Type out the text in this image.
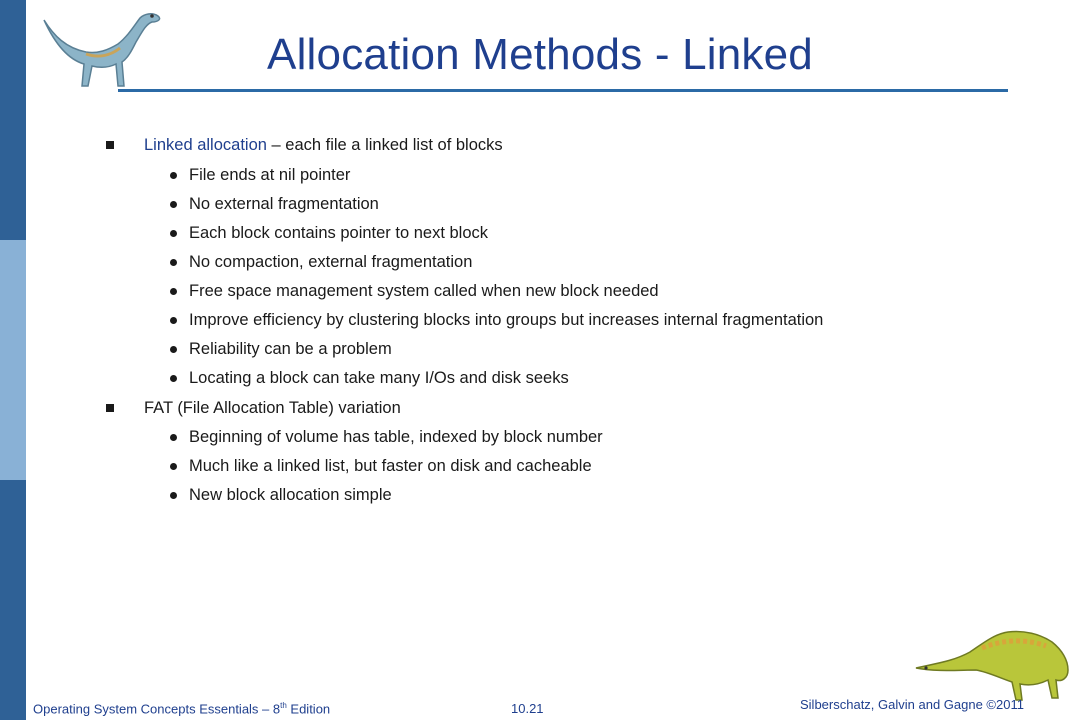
Allocation Methods - Linked
Linked allocation – each file a linked list of blocks
File ends at nil pointer
No external fragmentation
Each block contains pointer to next block
No compaction, external fragmentation
Free space management system called when new block needed
Improve efficiency by clustering blocks into groups but increases internal fragmentation
Reliability can be a problem
Locating a block can take many I/Os and disk seeks
FAT (File Allocation Table) variation
Beginning of volume has table, indexed by block number
Much like a linked list, but faster on disk and cacheable
New block allocation simple
Operating System Concepts Essentials – 8th Edition	10.21	Silberschatz, Galvin and Gagne ©2011
